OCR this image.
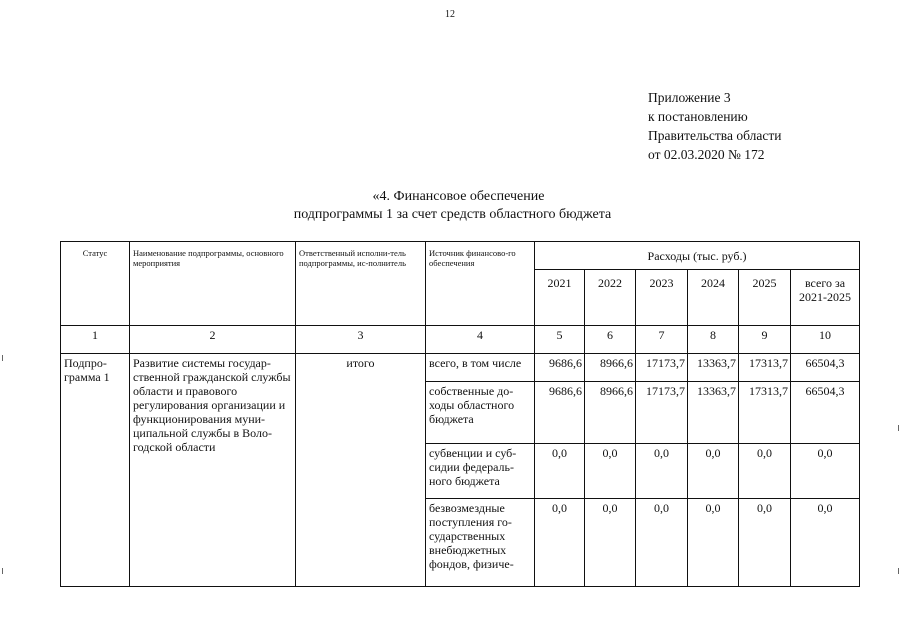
12
Приложение 3
к постановлению
Правительства области
от 02.03.2020 № 172
«4. Финансовое обеспечение
подпрограммы 1 за счет средств областного бюджета
Статус	Наименование подпрограммы, основного мероприятия	Ответственный исполни-тель подпрограммы, ис-полнитель	Источник финансово-го обеспечения	Расходы (тыс. руб.)					
				2021	2022	2023	2024	2025	всего за 2021-2025
1	2	3	4	5	6	7	8	9	10
Подпро-грамма 1	Развитие системы государ-ственной гражданской службы области и правового регулирования организации и функционирования муни-ципальной службы в Воло-годской области	итого	всего, в том числе	9686,6	8966,6	17173,7	13363,7	17313,7	66504,3
			собственные до-ходы областного бюджета	9686,6	8966,6	17173,7	13363,7	17313,7	66504,3
			субвенции и суб-сидии федераль-ного бюджета	0,0	0,0	0,0	0,0	0,0	0,0
			безвозмездные поступления го-сударственных внебюджетных фондов, физиче-	0,0	0,0	0,0	0,0	0,0	0,0
